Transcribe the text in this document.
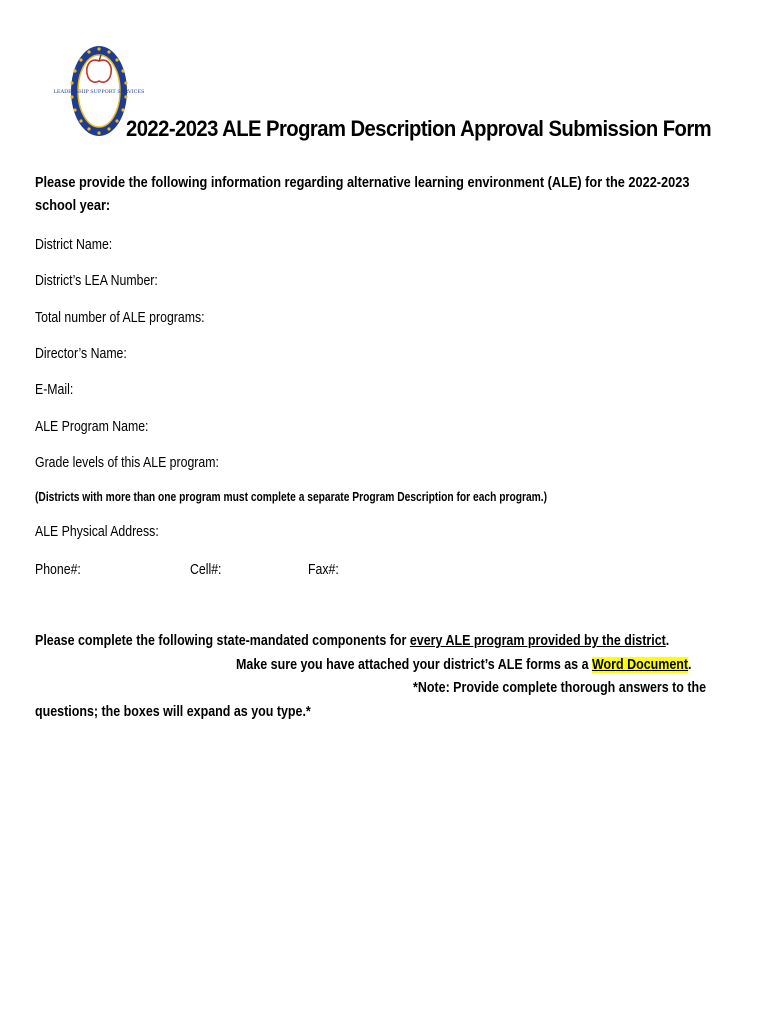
LEADERSHIP SUPPORT SERVICES
2022-2023 ALE Program Description Approval Submission Form
Please provide the following information regarding alternative learning environment (ALE) for the 2022-2023 school year:
District Name:
District’s LEA Number:
Total number of ALE programs:
Director’s Name:
E-Mail:
ALE Program Name:
Grade levels of this ALE program:
(Districts with more than one program must complete a separate Program Description for each program.)
ALE Physical Address:
Phone#:	Cell#:	Fax#:
Please complete the following state-mandated components for every ALE program provided by the district.
Make sure you have attached your district’s ALE forms as a Word Document.
*Note: Provide complete thorough answers to the
questions; the boxes will expand as you type.*
